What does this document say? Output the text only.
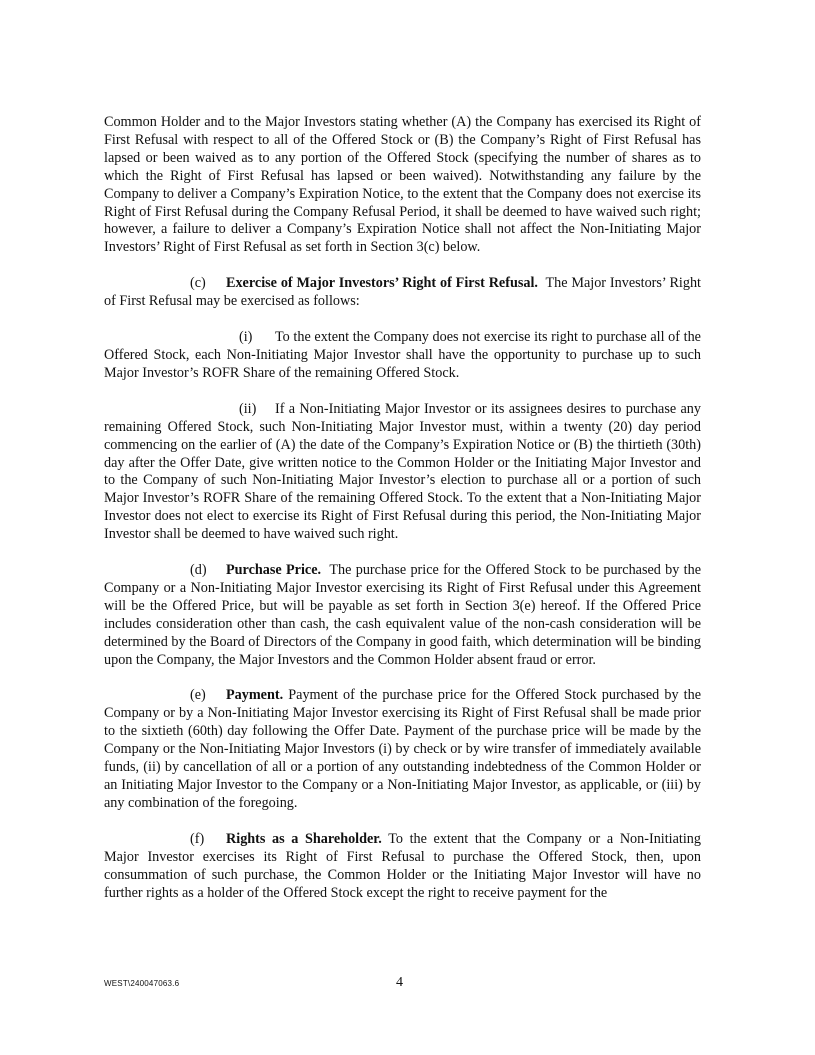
Common Holder and to the Major Investors stating whether (A) the Company has exercised its Right of First Refusal with respect to all of the Offered Stock or (B) the Company’s Right of First Refusal has lapsed or been waived as to any portion of the Offered Stock (specifying the number of shares as to which the Right of First Refusal has lapsed or been waived). Notwithstanding any failure by the Company to deliver a Company’s Expiration Notice, to the extent that the Company does not exercise its Right of First Refusal during the Company Refusal Period, it shall be deemed to have waived such right; however, a failure to deliver a Company’s Expiration Notice shall not affect the Non-Initiating Major Investors’ Right of First Refusal as set forth in Section 3(c) below.

(c) Exercise of Major Investors’ Right of First Refusal. The Major Investors’ Right of First Refusal may be exercised as follows:

(i) To the extent the Company does not exercise its right to purchase all of the Offered Stock, each Non-Initiating Major Investor shall have the opportunity to purchase up to such Major Investor’s ROFR Share of the remaining Offered Stock.

(ii) If a Non-Initiating Major Investor or its assignees desires to purchase any remaining Offered Stock, such Non-Initiating Major Investor must, within a twenty (20) day period commencing on the earlier of (A) the date of the Company’s Expiration Notice or (B) the thirtieth (30th) day after the Offer Date, give written notice to the Common Holder or the Initiating Major Investor and to the Company of such Non-Initiating Major Investor’s election to purchase all or a portion of such Major Investor’s ROFR Share of the remaining Offered Stock. To the extent that a Non-Initiating Major Investor does not elect to exercise its Right of First Refusal during this period, the Non-Initiating Major Investor shall be deemed to have waived such right.

(d) Purchase Price. The purchase price for the Offered Stock to be purchased by the Company or a Non-Initiating Major Investor exercising its Right of First Refusal under this Agreement will be the Offered Price, but will be payable as set forth in Section 3(e) hereof. If the Offered Price includes consideration other than cash, the cash equivalent value of the non-cash consideration will be determined by the Board of Directors of the Company in good faith, which determination will be binding upon the Company, the Major Investors and the Common Holder absent fraud or error.

(e) Payment. Payment of the purchase price for the Offered Stock purchased by the Company or by a Non-Initiating Major Investor exercising its Right of First Refusal shall be made prior to the sixtieth (60th) day following the Offer Date. Payment of the purchase price will be made by the Company or the Non-Initiating Major Investors (i) by check or by wire transfer of immediately available funds, (ii) by cancellation of all or a portion of any outstanding indebtedness of the Common Holder or an Initiating Major Investor to the Company or a Non-Initiating Major Investor, as applicable, or (iii) by any combination of the foregoing.

(f) Rights as a Shareholder. To the extent that the Company or a Non-Initiating Major Investor exercises its Right of First Refusal to purchase the Offered Stock, then, upon consummation of such purchase, the Common Holder or the Initiating Major Investor will have no further rights as a holder of the Offered Stock except the right to receive payment for the

WEST\240047063.6	4
